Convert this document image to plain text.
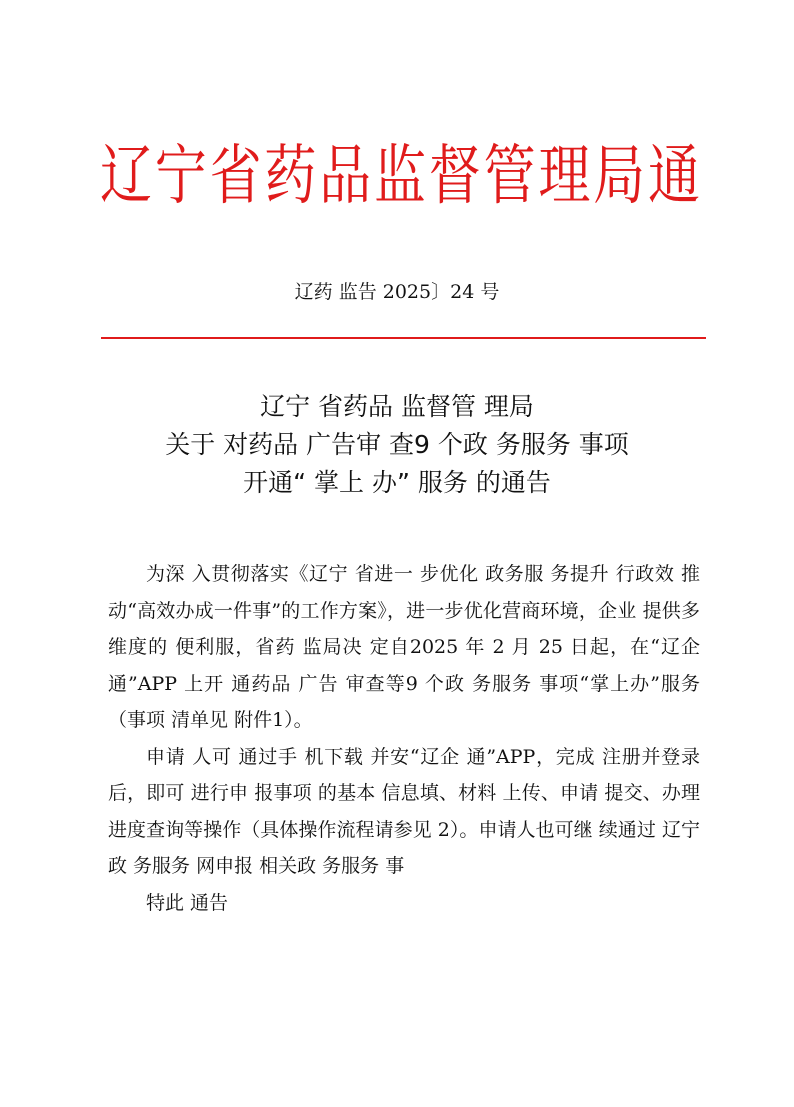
辽宁省药品监督管理局通
辽药 监告 2025〕24 号
辽宁 省药品 监督管 理局
关于 对药品 广告审 查9 个政 务服务 事项
开通“ 掌上 办” 服务 的通告

为深 入贯彻落实《辽宁 省进一 步优化 政务服 务提升 行政效 推动“高效办成一件事”的工作方案》，进一步优化营商环境，企业 提供多 维度的 便利服，省药 监局决 定自2025 年 2 月 25 日起，在“辽企 通”APP 上开 通药品 广告 审查等9 个政 务服务 事项“掌上办”服务（事项 清单见 附件1）。

申请 人可 通过手 机下载 并安“辽企 通”APP，完成 注册并登录后，即可 进行申 报事项 的基本 信息填、材料 上传、申请 提交、办理进度查询等操作（具体操作流程请参见 2）。申请人也可继 续通过 辽宁政 务服务 网申报 相关政 务服务 事

特此 通告
